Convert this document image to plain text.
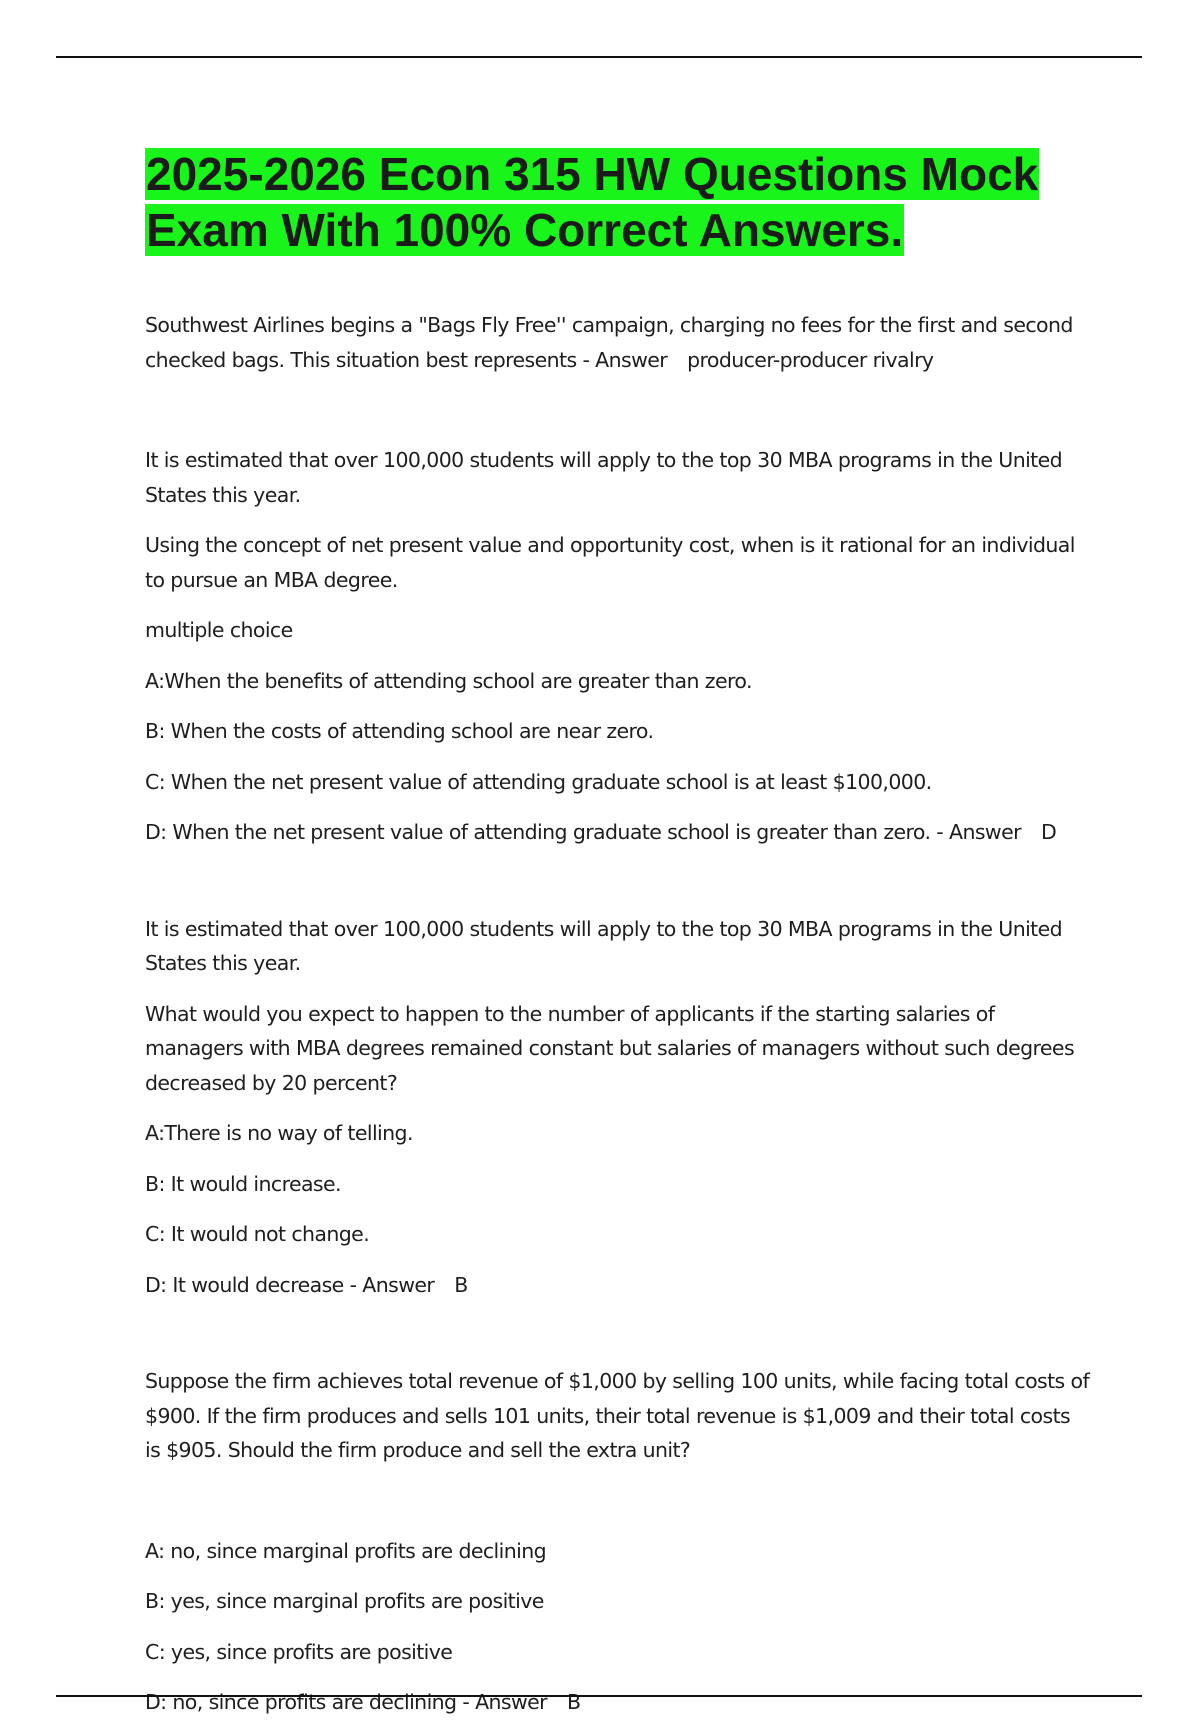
2025-2026 Econ 315 HW Questions Mock Exam With 100% Correct Answers.

Southwest Airlines begins a "Bags Fly Free'' campaign, charging no fees for the first and second checked bags. This situation best represents - Answer producer-producer rivalry

It is estimated that over 100,000 students will apply to the top 30 MBA programs in the United States this year.

Using the concept of net present value and opportunity cost, when is it rational for an individual to pursue an MBA degree.

multiple choice

A:When the benefits of attending school are greater than zero.

B: When the costs of attending school are near zero.

C: When the net present value of attending graduate school is at least $100,000.

D: When the net present value of attending graduate school is greater than zero. - Answer D

It is estimated that over 100,000 students will apply to the top 30 MBA programs in the United States this year.

What would you expect to happen to the number of applicants if the starting salaries of managers with MBA degrees remained constant but salaries of managers without such degrees decreased by 20 percent?

A:There is no way of telling.

B: It would increase.

C: It would not change.

D: It would decrease - Answer B

Suppose the firm achieves total revenue of $1,000 by selling 100 units, while facing total costs of $900. If the firm produces and sells 101 units, their total revenue is $1,009 and their total costs is $905. Should the firm produce and sell the extra unit?

A: no, since marginal profits are declining

B: yes, since marginal profits are positive

C: yes, since profits are positive

D: no, since profits are declining - Answer B
